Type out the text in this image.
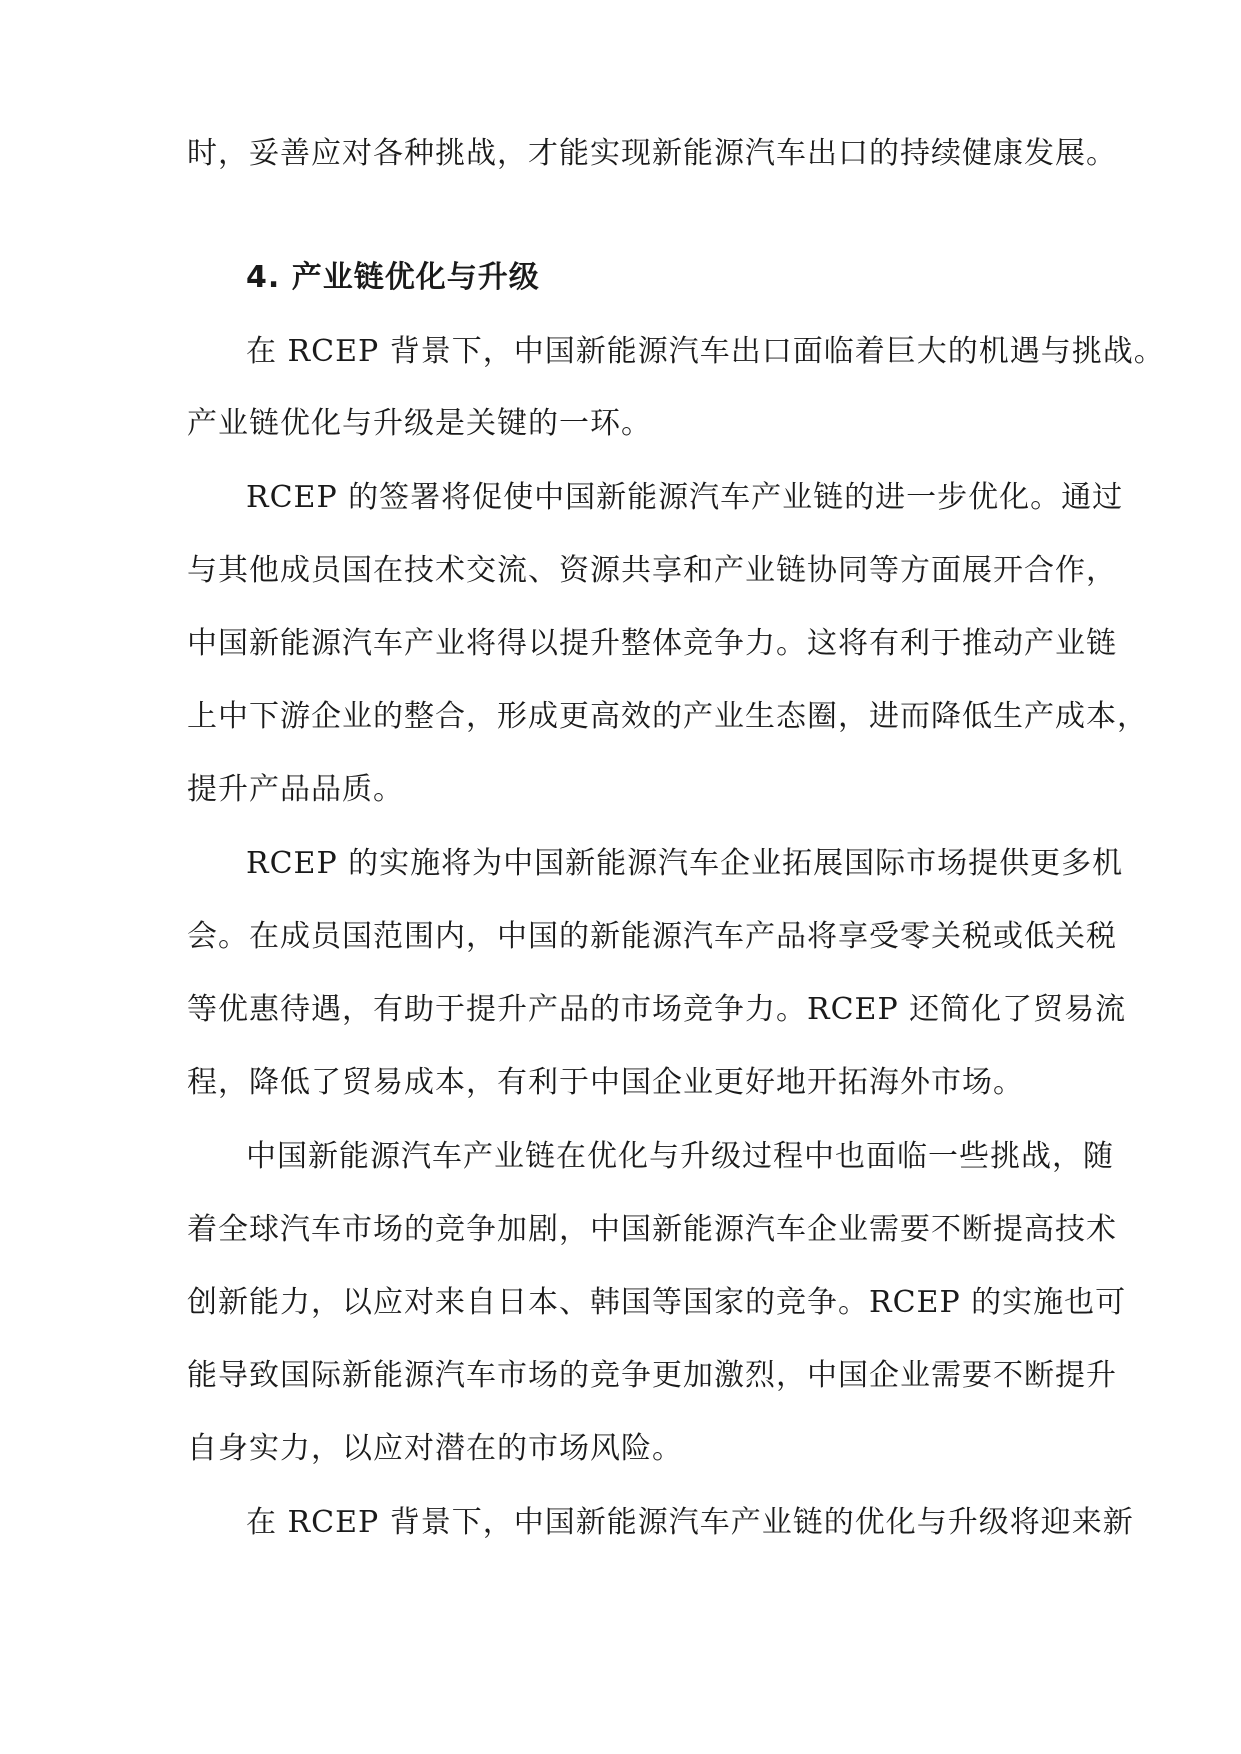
时，妥善应对各种挑战，才能实现新能源汽车出口的持续健康发展。
4. 产业链优化与升级
在 RCEP 背景下，中国新能源汽车出口面临着巨大的机遇与挑战。
产业链优化与升级是关键的一环。
RCEP 的签署将促使中国新能源汽车产业链的进一步优化。通过
与其他成员国在技术交流、资源共享和产业链协同等方面展开合作，
中国新能源汽车产业将得以提升整体竞争力。这将有利于推动产业链
上中下游企业的整合，形成更高效的产业生态圈，进而降低生产成本，
提升产品品质。
RCEP 的实施将为中国新能源汽车企业拓展国际市场提供更多机
会。在成员国范围内，中国的新能源汽车产品将享受零关税或低关税
等优惠待遇，有助于提升产品的市场竞争力。RCEP 还简化了贸易流
程，降低了贸易成本，有利于中国企业更好地开拓海外市场。
中国新能源汽车产业链在优化与升级过程中也面临一些挑战，随
着全球汽车市场的竞争加剧，中国新能源汽车企业需要不断提高技术
创新能力，以应对来自日本、韩国等国家的竞争。RCEP 的实施也可
能导致国际新能源汽车市场的竞争更加激烈，中国企业需要不断提升
自身实力，以应对潜在的市场风险。
在 RCEP 背景下，中国新能源汽车产业链的优化与升级将迎来新
